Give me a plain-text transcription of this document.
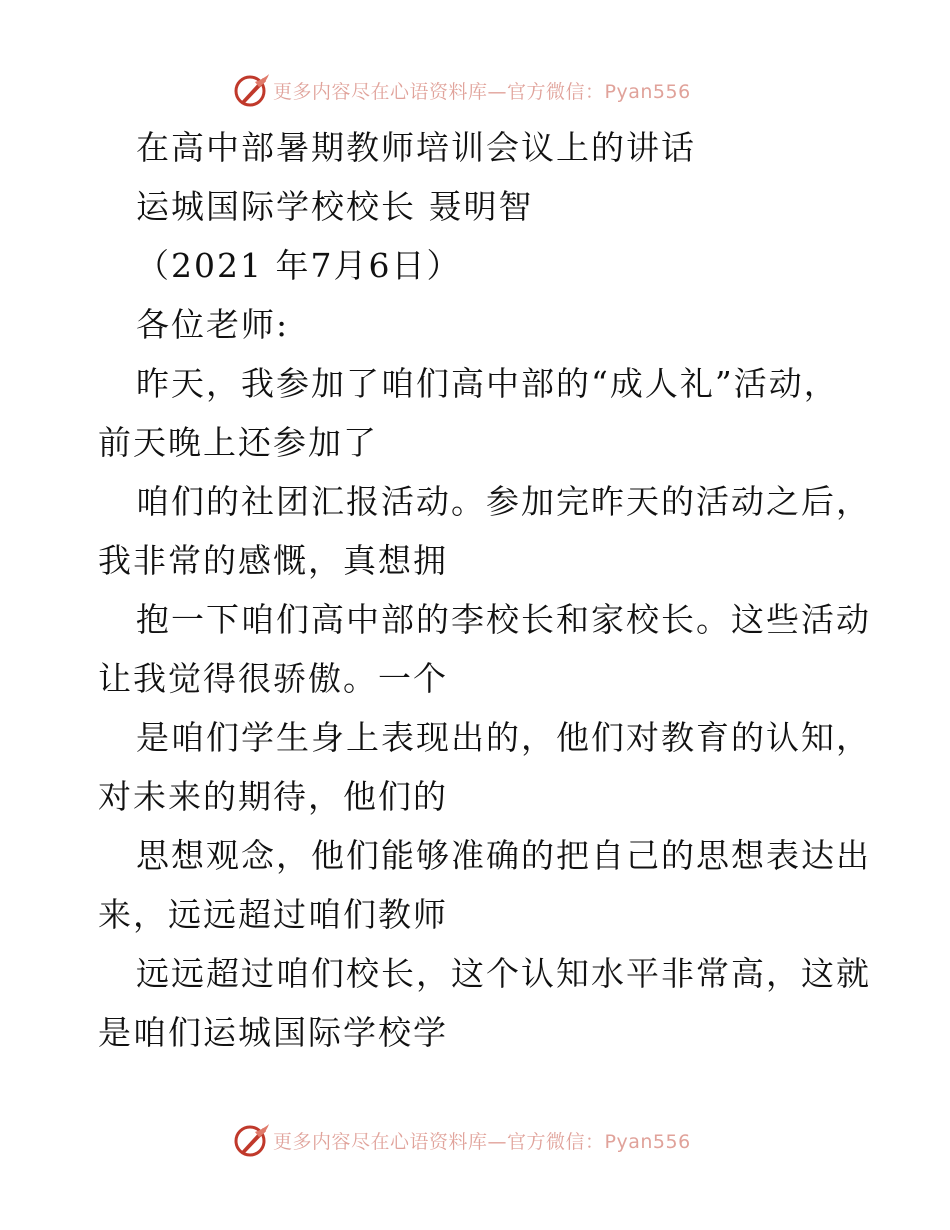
更多内容尽在心语资料库—官方微信：Pyan556
在高中部暑期教师培训会议上的讲话
运城国际学校校长 聂明智
（2021 年7月6日）
各位老师:
昨天，我参加了咱们高中部的“成人礼”活动，
前天晚上还参加了
咱们的社团汇报活动。参加完昨天的活动之后，
我非常的感慨，真想拥
抱一下咱们高中部的李校长和家校长。这些活动
让我觉得很骄傲。一个
是咱们学生身上表现出的，他们对教育的认知，
对未来的期待，他们的
思想观念，他们能够准确的把自己的思想表达出
来，远远超过咱们教师
远远超过咱们校长，这个认知水平非常高，这就
是咱们运城国际学校学
更多内容尽在心语资料库—官方微信：Pyan556
